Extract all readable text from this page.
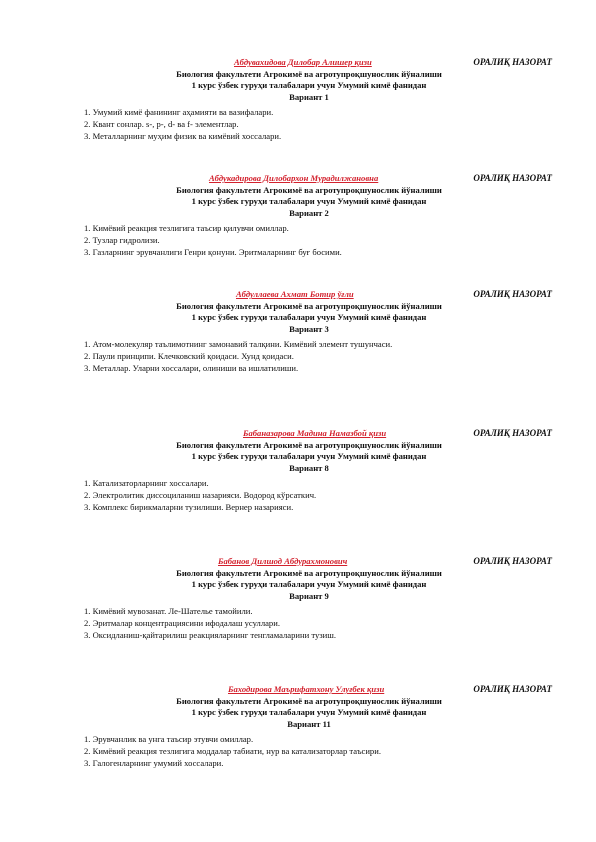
Абдувахидова Дилобар Алишер қизи	ОРАЛИҚ НАЗОРАТ
Биология факультети Агрокимё ва агротупроқшунослик йўналиши
1 курс ўзбек гуруҳи талабалари учун Умумий кимё фанидан
Вариант 1
1. Умумий кимё фанининг аҳамияти ва вазифалари.
2. Квант сонлар. s-, p-, d- ва f- элементлар.
3. Металларнинг муҳим физик ва кимёвий хоссалари.
Абдукадирова Дилобархон Мурадилжановна	ОРАЛИҚ НАЗОРАТ
Биология факультети Агрокимё ва агротупроқшунослик йўналиши
1 курс ўзбек гуруҳи талабалари учун Умумий кимё фанидан
Вариант 2
1. Кимёвий реакция тезлигига таъсир қилувчи омиллар.
2. Тузлар гидролизи.
3. Газларнинг эрувчанлиги Генри қонуни. Эритмаларнинг буғ босими.
Абдуллаева Ахмат Ботир ўғли	ОРАЛИҚ НАЗОРАТ
Биология факультети Агрокимё ва агротупроқшунослик йўналиши
1 курс ўзбек гуруҳи талабалари учун Умумий кимё фанидан
Вариант 3
1. Атом-молекуляр таълимотнинг замонавий талқини. Кимёвий элемент тушунчаси.
2. Паули принципи. Клечковский қоидаси. Хунд қоидаси.
3. Металлар. Уларни хоссалари, олиниши ва ишлатилиши.
Бабаназарова Мадина Намазбой қизи	ОРАЛИҚ НАЗОРАТ
Биология факультети Агрокимё ва агротупроқшунослик йўналиши
1 курс ўзбек гуруҳи талабалари учун Умумий кимё фанидан
Вариант 8
1. Катализаторларнинг хоссалари.
2. Электролитик диссоциланиш назарияси. Водород кўрсаткич.
3. Комплекс бирикмаларни тузилиши. Вернер назарияси.
Бабанов Дилшод Абдурахмонович	ОРАЛИҚ НАЗОРАТ
Биология факультети Агрокимё ва агротупроқшунослик йўналиши
1 курс ўзбек гуруҳи талабалари учун Умумий кимё фанидан
Вариант 9
1. Кимёвий мувозанат. Ле-Шателье тамойили.
2. Эритмалар концентрациясини ифодалаш усуллари.
3. Оксидланиш-қайтарилиш реакцияларнинг тенгламаларини тузиш.
Баходирова Маърифатхону Улуғбек қизи	ОРАЛИҚ НАЗОРАТ
Биология факультети Агрокимё ва агротупроқшунослик йўналиши
1 курс ўзбек гуруҳи талабалари учун Умумий кимё фанидан
Вариант 11
1. Эрувчанлик ва унга таъсир этувчи омиллар.
2. Кимёвий реакция тезлигига моддалар табиати, нур ва катализаторлар таъсири.
3. Галогенларнинг умумий хоссалари.
